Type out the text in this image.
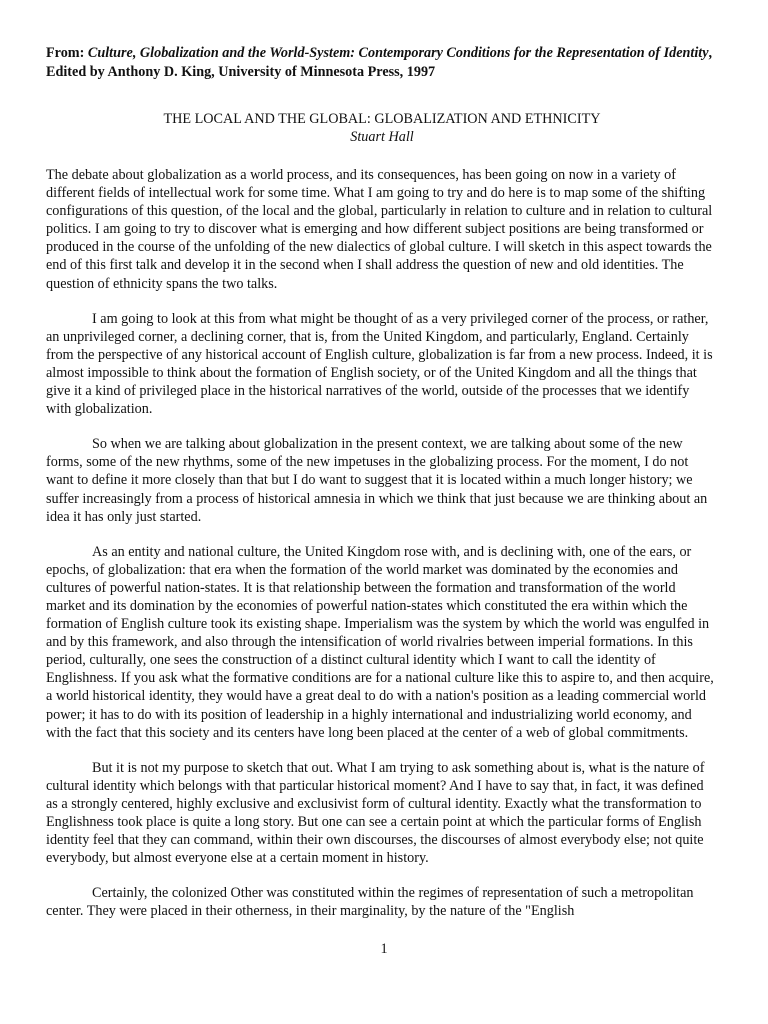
From: Culture, Globalization and the World-System: Contemporary Conditions for the Representation of Identity, Edited by Anthony D. King, University of Minnesota Press, 1997

THE LOCAL AND THE GLOBAL: GLOBALIZATION AND ETHNICITY
Stuart Hall

The debate about globalization as a world process, and its consequences, has been going on now in a variety of different fields of intellectual work for some time. What I am going to try and do here is to map some of the shifting configurations of this question, of the local and the global, particularly in relation to culture and in relation to cultural politics. I am going to try to discover what is emerging and how different subject positions are being transformed or produced in the course of the unfolding of the new dialectics of global culture. I will sketch in this aspect towards the end of this first talk and develop it in the second when I shall address the question of new and old identities. The question of ethnicity spans the two talks.

I am going to look at this from what might be thought of as a very privileged corner of the process, or rather, an unprivileged corner, a declining corner, that is, from the United Kingdom, and particularly, England. Certainly from the perspective of any historical account of English culture, globalization is far from a new process. Indeed, it is almost impossible to think about the formation of English society, or of the United Kingdom and all the things that give it a kind of privileged place in the historical narratives of the world, outside of the processes that we identify with globalization.

So when we are talking about globalization in the present context, we are talking about some of the new forms, some of the new rhythms, some of the new impetuses in the globalizing process. For the moment, I do not want to define it more closely than that but I do want to suggest that it is located within a much longer history; we suffer increasingly from a process of historical amnesia in which we think that just because we are thinking about an idea it has only just started.

As an entity and national culture, the United Kingdom rose with, and is declining with, one of the ears, or epochs, of globalization: that era when the formation of the world market was dominated by the economies and cultures of powerful nation-states. It is that relationship between the formation and transformation of the world market and its domination by the economies of powerful nation-states which constituted the era within which the formation of English culture took its existing shape. Imperialism was the system by which the world was engulfed in and by this framework, and also through the intensification of world rivalries between imperial formations. In this period, culturally, one sees the construction of a distinct cultural identity which I want to call the identity of Englishness. If you ask what the formative conditions are for a national culture like this to aspire to, and then acquire, a world historical identity, they would have a great deal to do with a nation's position as a leading commercial world power; it has to do with its position of leadership in a highly international and industrializing world economy, and with the fact that this society and its centers have long been placed at the center of a web of global commitments.

But it is not my purpose to sketch that out. What I am trying to ask something about is, what is the nature of cultural identity which belongs with that particular historical moment? And I have to say that, in fact, it was defined as a strongly centered, highly exclusive and exclusivist form of cultural identity. Exactly what the transformation to Englishness took place is quite a long story. But one can see a certain point at which the particular forms of English identity feel that they can command, within their own discourses, the discourses of almost everybody else; not quite everybody, but almost everyone else at a certain moment in history.

Certainly, the colonized Other was constituted within the regimes of representation of such a metropolitan center. They were placed in their otherness, in their marginality, by the nature of the "English

1
